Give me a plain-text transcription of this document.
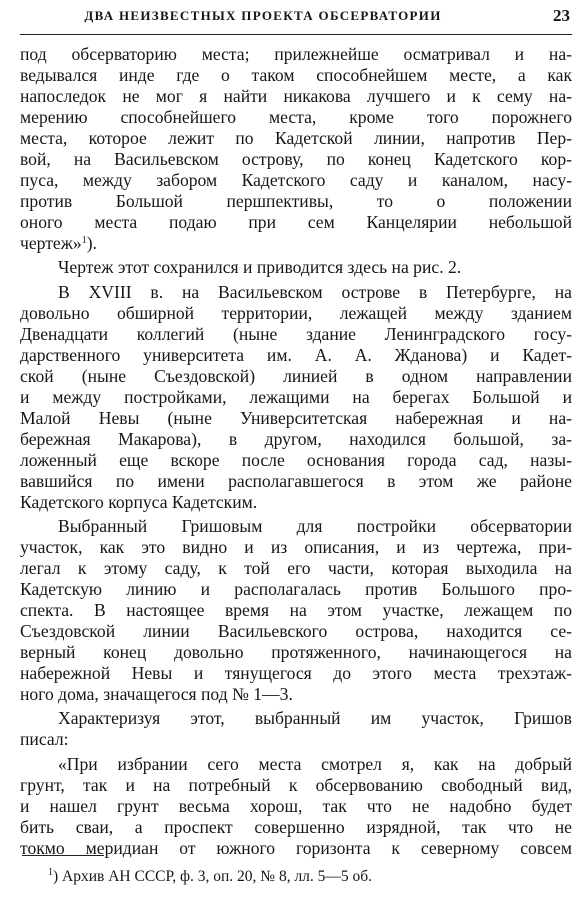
ДВА НЕИЗВЕСТНЫХ ПРОЕКТА ОБСЕРВАТОРИИ	23
под обсерваторию места; прилежнейше осматривал и на-
ведывался инде где о таком способнейшем месте, а как
напоследок не мог я найти никакова лучшего и к сему на-
мерению способнейшего места, кроме того порожнего
места, которое лежит по Кадетской линии, напротив Пер-
вой, на Васильевском острову, по конец Кадетского кор-
пуса, между забором Кадетского саду и каналом, насу-
против Большой першпективы, то о положении
оного места подаю при сем Канцелярии небольшой
чертеж»$^1$).
Чертеж этот сохранился и приводится здесь на рис. 2.
В XVIII в. на Васильевском острове в Петербурге, на
довольно обширной территории, лежащей между зданием
Двенадцати коллегий (ныне здание Ленинградского госу-
дарственного университета им. А. А. Жданова) и Кадет-
ской (ныне Съездовской) линией в одном направлении
и между постройками, лежащими на берегах Большой и
Малой Невы (ныне Университетская набережная и на-
бережная Макарова), в другом, находился большой, за-
ложенный еще вскоре после основания города сад, назы-
вавшийся по имени располагавшегося в этом же районе
Кадетского корпуса Кадетским.
Выбранный Гришовым для постройки обсерватории
участок, как это видно и из описания, и из чертежа, при-
легал к этому саду, к той его части, которая выходила на
Кадетскую линию и располагалась против Большого про-
спекта. В настоящее время на этом участке, лежащем по
Съездовской линии Васильевского острова, находится се-
верный конец довольно протяженного, начинающегося на
набережной Невы и тянущегося до этого места трехэтаж-
ного дома, значащегося под № 1—3.
Характеризуя этот, выбранный им участок, Гришов
писал:
«При избрании сего места смотрел я, как на добрый
грунт, так и на потребный к обсервованию свободный вид,
и нашел грунт весьма хорош, так что не надобно будет
бить сваи, а проспект совершенно изрядной, так что не
токмо меридиан от южного горизонта к северному совсем
$^1$) Архив АН СССР, ф. 3, оп. 20, № 8, лл. 5—5 об.
